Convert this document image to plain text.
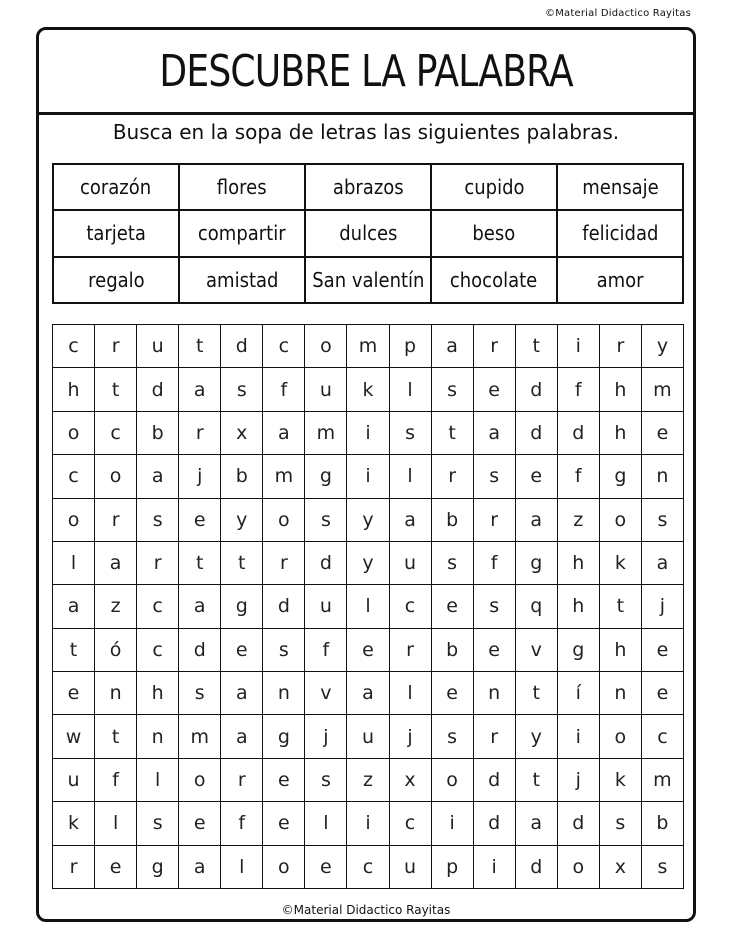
©Material Didactico Rayitas
DESCUBRE LA PALABRA
Busca en la sopa de letras las siguientes palabras.
corazón	flores	abrazos	cupido	mensaje
tarjeta	compartir	dulces	beso	felicidad
regalo	amistad	San valentín	chocolate	amor
c	r	u	t	d	c	o	m	p	a	r	t	i	r	y
h	t	d	a	s	f	u	k	l	s	e	d	f	h	m
o	c	b	r	x	a	m	i	s	t	a	d	d	h	e
c	o	a	j	b	m	g	i	l	r	s	e	f	g	n
o	r	s	e	y	o	s	y	a	b	r	a	z	o	s
l	a	r	t	t	r	d	y	u	s	f	g	h	k	a
a	z	c	a	g	d	u	l	c	e	s	q	h	t	j
t	ó	c	d	e	s	f	e	r	b	e	v	g	h	e
e	n	h	s	a	n	v	a	l	e	n	t	í	n	e
w	t	n	m	a	g	j	u	j	s	r	y	i	o	c
u	f	l	o	r	e	s	z	x	o	d	t	j	k	m
k	l	s	e	f	e	l	i	c	i	d	a	d	s	b
r	e	g	a	l	o	e	c	u	p	i	d	o	x	s
©Material Didactico Rayitas
